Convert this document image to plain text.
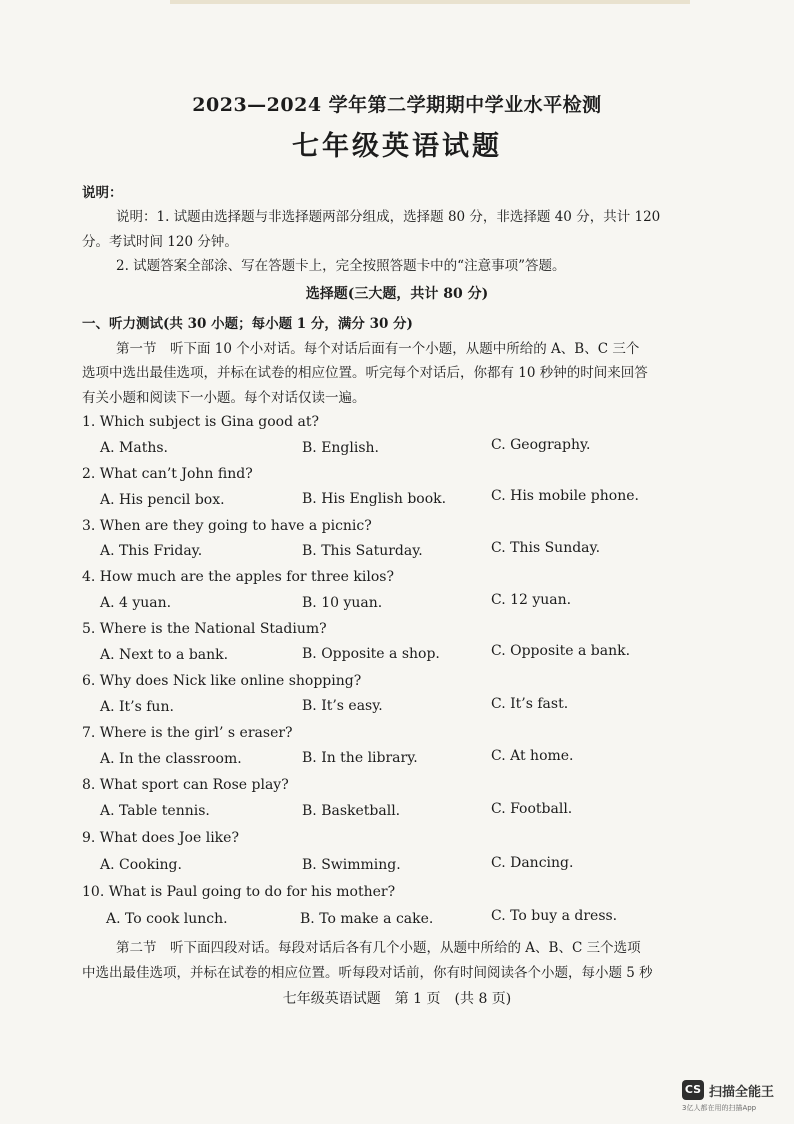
2023—2024 学年第二学期期中学业水平检测
七年级英语试题
说明：
说明：1. 试题由选择题与非选择题两部分组成，选择题 80 分，非选择题 40 分，共计 120
分。考试时间 120 分钟。
2. 试题答案全部涂、写在答题卡上，完全按照答题卡中的“注意事项”答题。
选择题(三大题，共计 80 分)
一、听力测试(共 30 小题；每小题 1 分，满分 30 分)
第一节　听下面 10 个小对话。每个对话后面有一个小题，从题中所给的 A、B、C 三个
选项中选出最佳选项，并标在试卷的相应位置。听完每个对话后，你都有 10 秒钟的时间来回答
有关小题和阅读下一小题。每个对话仅读一遍。
1. Which subject is Gina good at?
A. Maths.	B. English.	C. Geography.
2. What can’t John find?
A. His pencil box.	B. His English book.	C. His mobile phone.
3. When are they going to have a picnic?
A. This Friday.	B. This Saturday.	C. This Sunday.
4. How much are the apples for three kilos?
A. 4 yuan.	B. 10 yuan.	C. 12 yuan.
5. Where is the National Stadium?
A. Next to a bank.	B. Opposite a shop.	C. Opposite a bank.
6. Why does Nick like online shopping?
A. It’s fun.	B. It’s easy.	C. It’s fast.
7. Where is the girl’ s eraser?
A. In the classroom.	B. In the library.	C. At home.
8. What sport can Rose play?
A. Table tennis.	B. Basketball.	C. Football.
9. What does Joe like?
A. Cooking.	B. Swimming.	C. Dancing.
10. What is Paul going to do for his mother?
A. To cook lunch.	B. To make a cake.	C. To buy a dress.
第二节　听下面四段对话。每段对话后各有几个小题，从题中所给的 A、B、C 三个选项
中选出最佳选项，并标在试卷的相应位置。听每段对话前，你有时间阅读各个小题，每小题 5 秒
七年级英语试题　第 1 页　(共 8 页)
CS 扫描全能王
3亿人都在用的扫描App
